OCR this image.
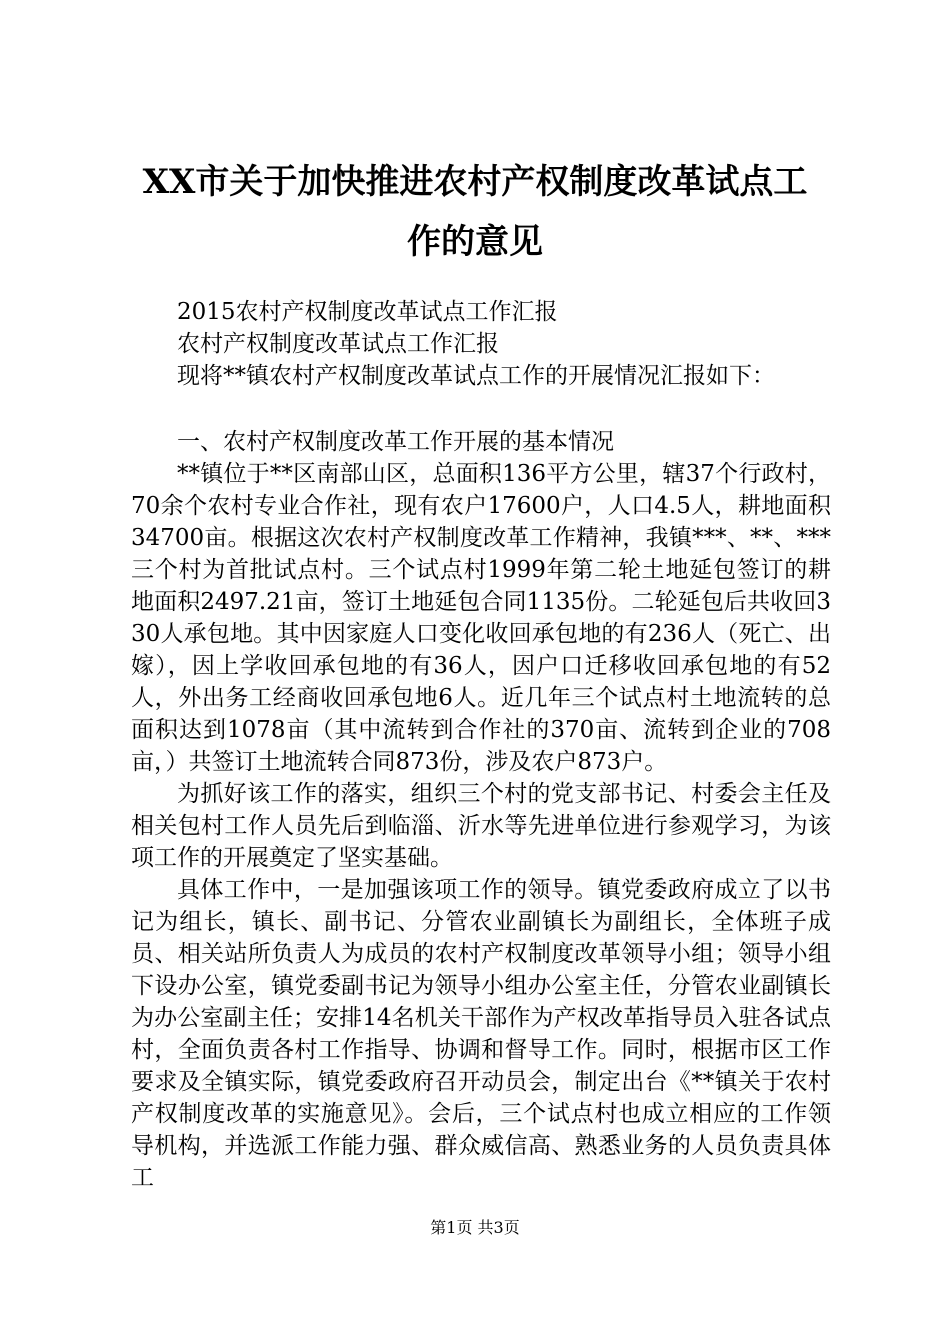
XX市关于加快推进农村产权制度改革试点工
作的意见

2015农村产权制度改革试点工作汇报

农村产权制度改革试点工作汇报

现将**镇农村产权制度改革试点工作的开展情况汇报如下：

一、农村产权制度改革工作开展的基本情况

**镇位于**区南部山区，总面积136平方公里，辖37个行政村，70余个农村专业合作社，现有农户17600户，人口4.5人，耕地面积34700亩。根据这次农村产权制度改革工作精神，我镇***、**、***三个村为首批试点村。三个试点村1999年第二轮土地延包签订的耕地面积2497.21亩，签订土地延包合同1135份。二轮延包后共收回330人承包地。其中因家庭人口变化收回承包地的有236人（死亡、出嫁），因上学收回承包地的有36人，因户口迁移收回承包地的有52人，外出务工经商收回承包地6人。近几年三个试点村土地流转的总面积达到1078亩（其中流转到合作社的370亩、流转到企业的708亩，）共签订土地流转合同873份，涉及农户873户。

为抓好该工作的落实，组织三个村的党支部书记、村委会主任及相关包村工作人员先后到临淄、沂水等先进单位进行参观学习，为该项工作的开展奠定了坚实基础。

具体工作中，一是加强该项工作的领导。镇党委政府成立了以书记为组长，镇长、副书记、分管农业副镇长为副组长，全体班子成员、相关站所负责人为成员的农村产权制度改革领导小组；领导小组下设办公室，镇党委副书记为领导小组办公室主任，分管农业副镇长为办公室副主任；安排14名机关干部作为产权改革指导员入驻各试点村，全面负责各村工作指导、协调和督导工作。同时，根据市区工作要求及全镇实际，镇党委政府召开动员会，制定出台《**镇关于农村产权制度改革的实施意见》。会后，三个试点村也成立相应的工作领导机构，并选派工作能力强、群众威信高、熟悉业务的人员负责具体工

第1页 共3页
